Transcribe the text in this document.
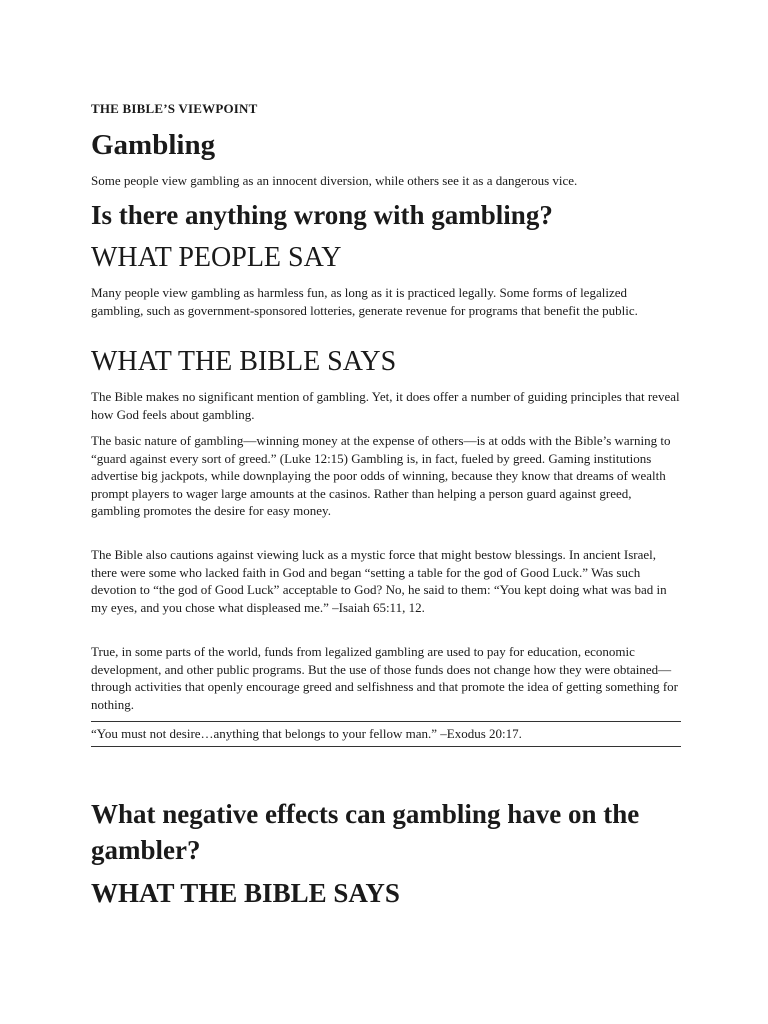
THE BIBLE’S VIEWPOINT

Gambling

Some people view gambling as an innocent diversion, while others see it as a dangerous vice.

Is there anything wrong with gambling?
WHAT PEOPLE SAY

Many people view gambling as harmless fun, as long as it is practiced legally. Some forms of legalized gambling, such as government-sponsored lotteries, generate revenue for programs that benefit the public.

WHAT THE BIBLE SAYS

The Bible makes no significant mention of gambling. Yet, it does offer a number of guiding principles that reveal how God feels about gambling.

The basic nature of gambling—winning money at the expense of others—is at odds with the Bible’s warning to “guard against every sort of greed.” (Luke 12:15) Gambling is, in fact, fueled by greed. Gaming institutions advertise big jackpots, while downplaying the poor odds of winning, because they know that dreams of wealth prompt players to wager large amounts at the casinos. Rather than helping a person guard against greed, gambling promotes the desire for easy money.

The Bible also cautions against viewing luck as a mystic force that might bestow blessings. In ancient Israel, there were some who lacked faith in God and began “setting a table for the god of Good Luck.” Was such devotion to “the god of Good Luck” acceptable to God? No, he said to them: “You kept doing what was bad in my eyes, and you chose what displeased me.” –Isaiah 65:11, 12.

True, in some parts of the world, funds from legalized gambling are used to pay for education, economic development, and other public programs. But the use of those funds does not change how they were obtained—through activities that openly encourage greed and selfishness and that promote the idea of getting something for nothing.

“You must not desire…anything that belongs to your fellow man.” –Exodus 20:17.
What negative effects can gambling have on the gambler?
WHAT THE BIBLE SAYS
